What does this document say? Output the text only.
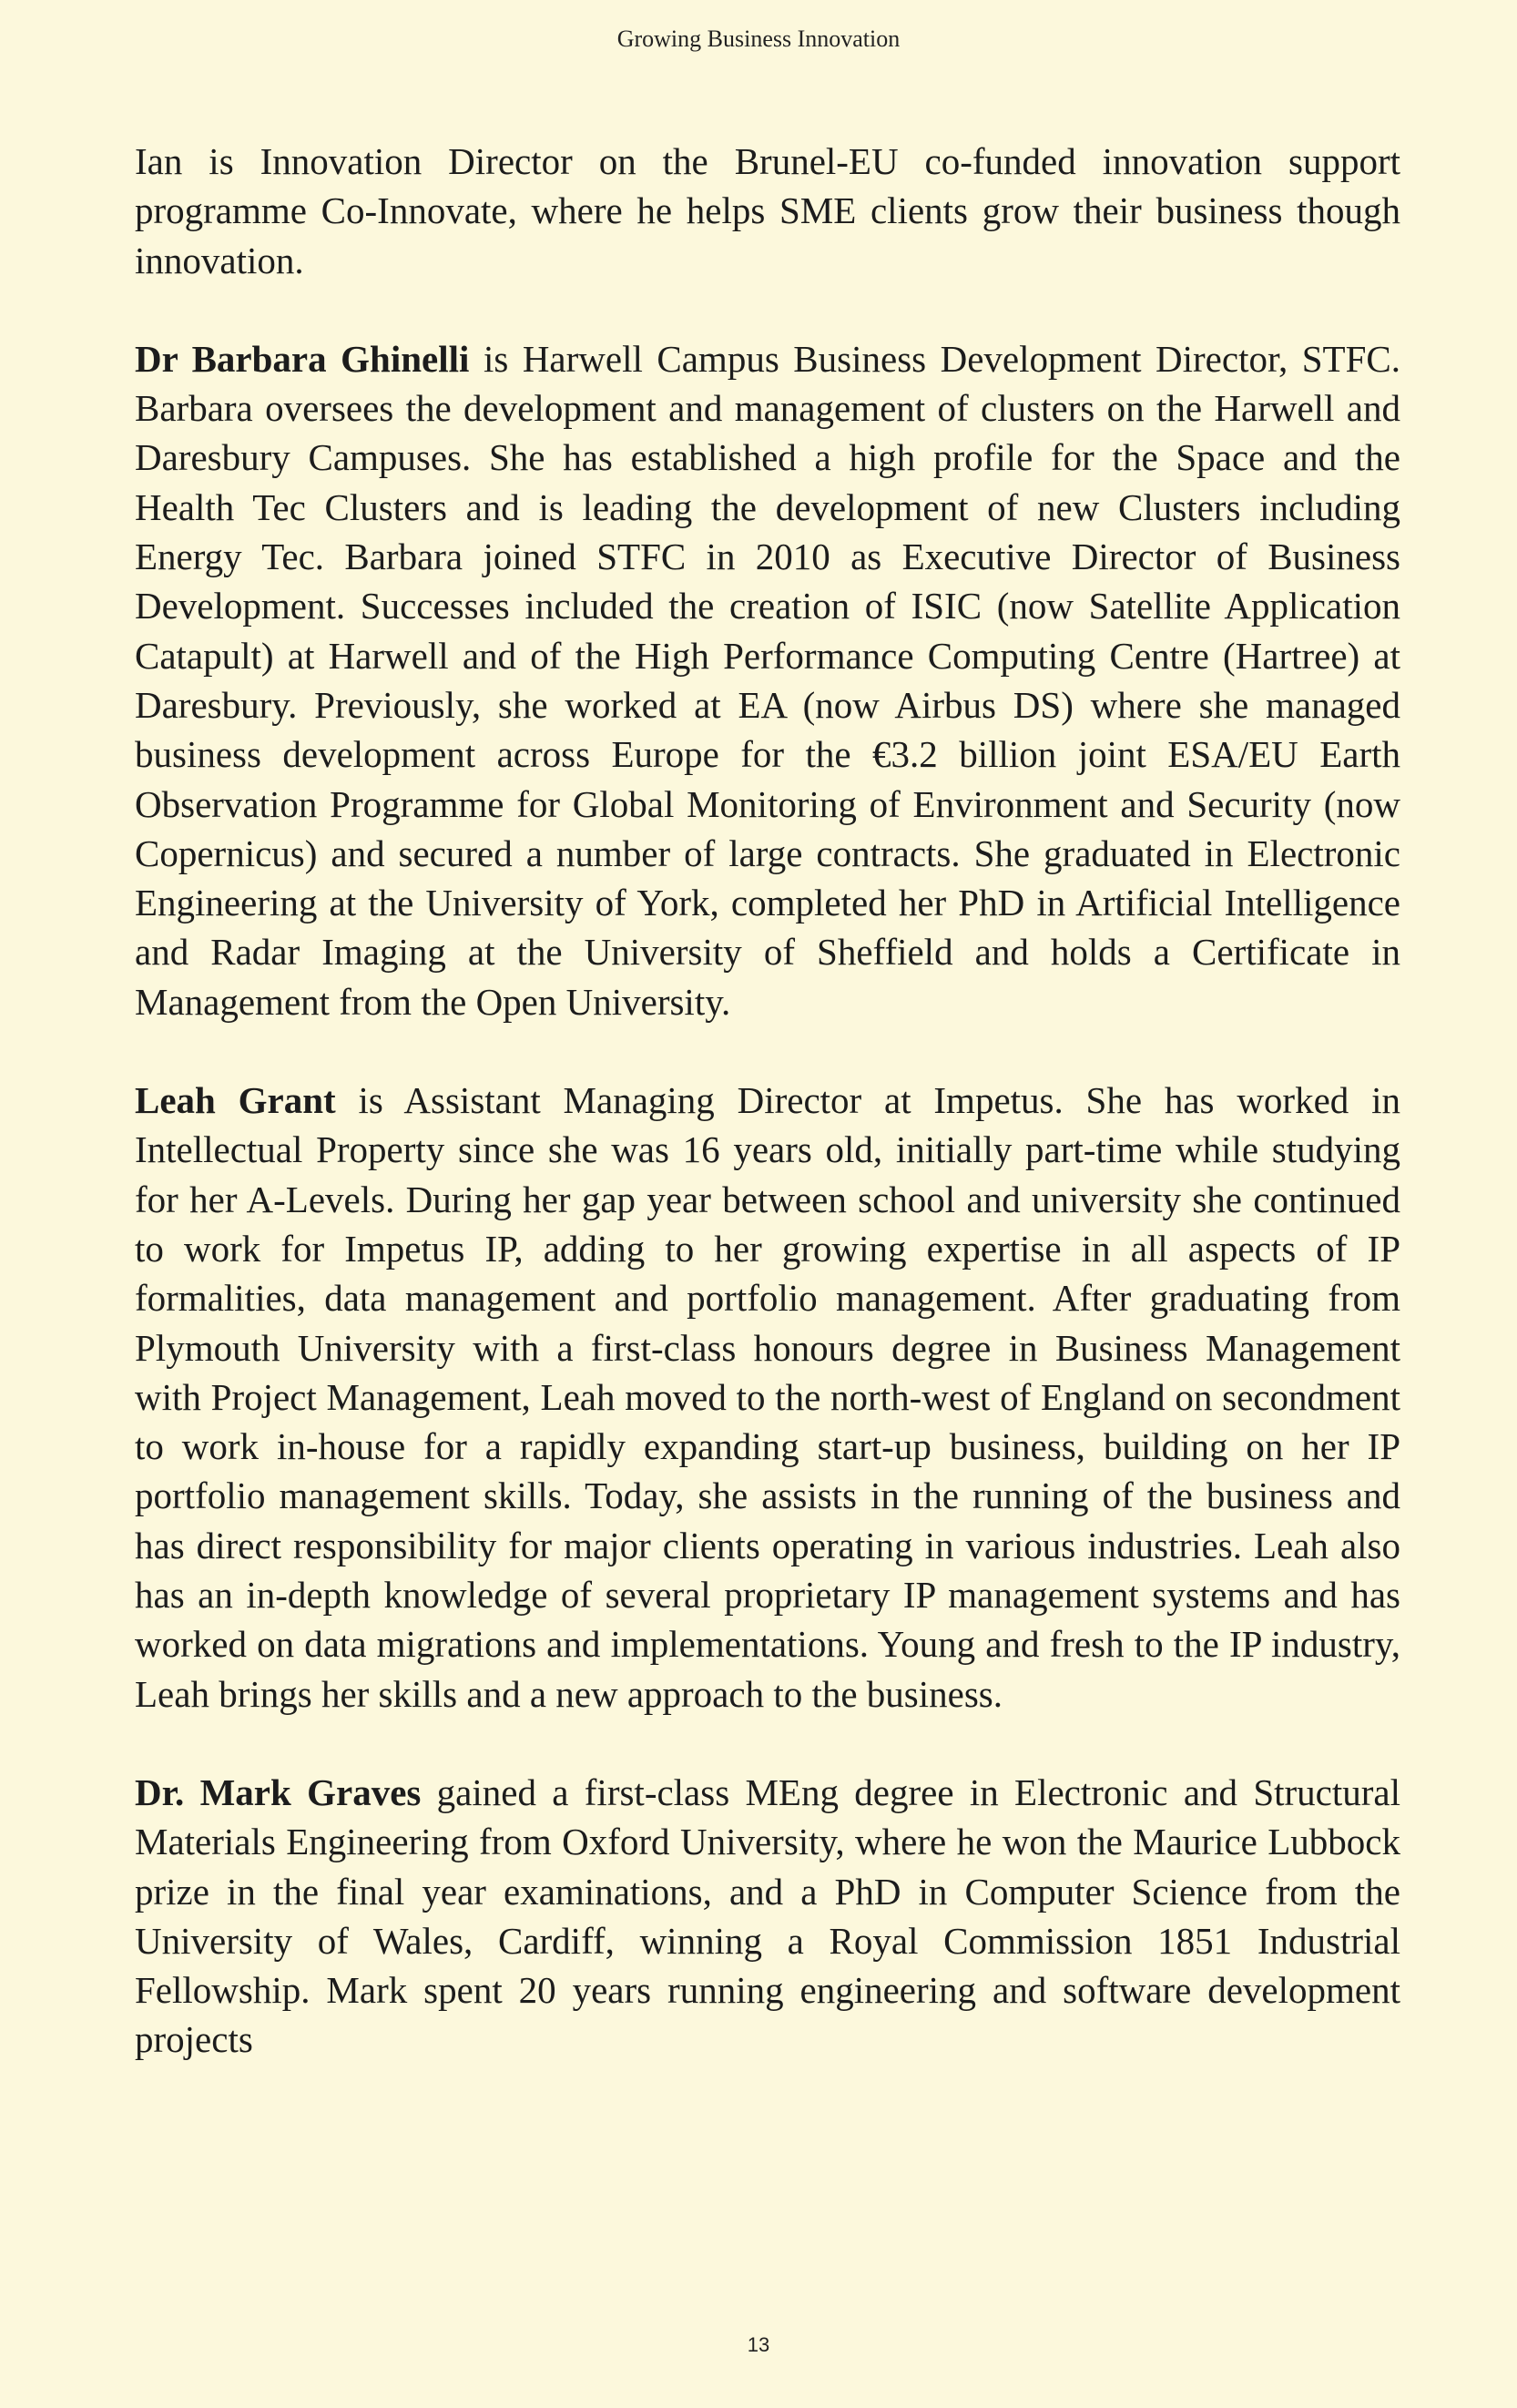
Growing Business Innovation

Ian is Innovation Director on the Brunel-EU co-funded innovation support programme Co-Innovate, where he helps SME clients grow their business though innovation.

Dr Barbara Ghinelli is Harwell Campus Business Development Director, STFC. Barbara oversees the development and management of clusters on the Harwell and Daresbury Campuses. She has established a high profile for the Space and the Health Tec Clusters and is leading the development of new Clusters including Energy Tec. Barbara joined STFC in 2010 as Executive Director of Business Development. Successes included the creation of ISIC (now Satellite Application Catapult) at Harwell and of the High Performance Computing Centre (Hartree) at Daresbury. Previously, she worked at EA (now Airbus DS) where she managed business development across Europe for the €3.2 billion joint ESA/EU Earth Observation Programme for Global Monitoring of Environment and Security (now Copernicus) and secured a number of large contracts. She graduated in Electronic Engineering at the University of York, completed her PhD in Artificial Intelligence and Radar Imaging at the University of Sheffield and holds a Certificate in Management from the Open University.

Leah Grant is Assistant Managing Director at Impetus. She has worked in Intellectual Property since she was 16 years old, initially part-time while studying for her A-Levels. During her gap year between school and university she continued to work for Impetus IP, adding to her growing expertise in all aspects of IP formalities, data management and portfolio management. After graduating from Plymouth University with a first-class honours degree in Business Management with Project Management, Leah moved to the north-west of England on secondment to work in-house for a rapidly expanding start-up business, building on her IP portfolio management skills. Today, she assists in the running of the business and has direct responsibility for major clients operating in various industries. Leah also has an in-depth knowledge of several proprietary IP management systems and has worked on data migrations and implementations. Young and fresh to the IP industry, Leah brings her skills and a new approach to the business.

Dr. Mark Graves gained a first-class MEng degree in Electronic and Structural Materials Engineering from Oxford University, where he won the Maurice Lubbock prize in the final year examinations, and a PhD in Computer Science from the University of Wales, Cardiff, winning a Royal Commission 1851 Industrial Fellowship. Mark spent 20 years running engineering and software development projects

13
